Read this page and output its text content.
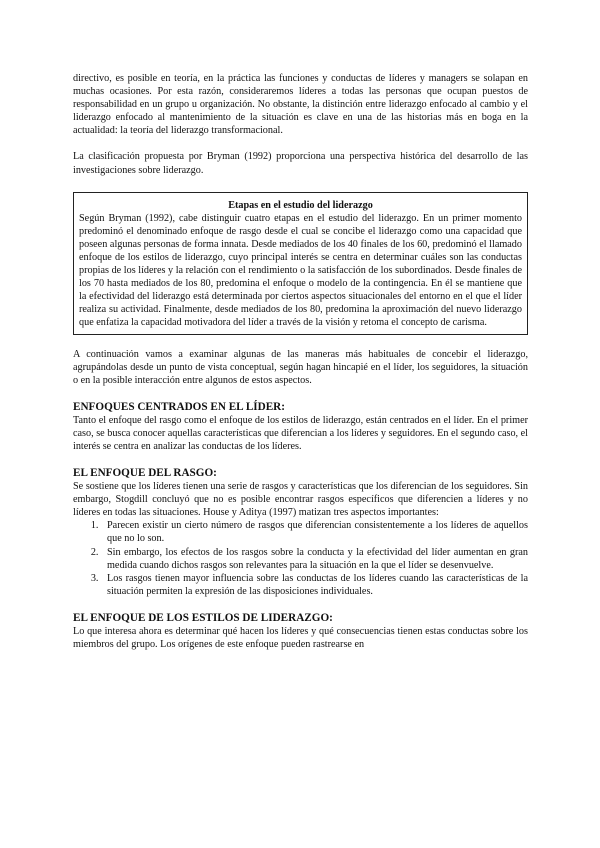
directivo, es posible en teoría, en la práctica las funciones y conductas de líderes y managers se solapan en muchas ocasiones. Por esta razón, consideraremos líderes a todas las personas que ocupan puestos de responsabilidad en un grupo u organización. No obstante, la distinción entre liderazgo enfocado al cambio y el liderazgo enfocado al mantenimiento de la situación es clave en una de las historias más en boga en la actualidad: la teoría del liderazgo transformacional.

La clasificación propuesta por Bryman (1992) proporciona una perspectiva histórica del desarrollo de las investigaciones sobre liderazgo.

Etapas en el estudio del liderazgo

Según Bryman (1992), cabe distinguir cuatro etapas en el estudio del liderazgo. En un primer momento predominó el denominado enfoque de rasgo desde el cual se concibe el liderazgo como una capacidad que poseen algunas personas de forma innata. Desde mediados de los 40 finales de los 60, predominó el llamado enfoque de los estilos de liderazgo, cuyo principal interés se centra en determinar cuáles son las conductas propias de los líderes y la relación con el rendimiento o la satisfacción de los subordinados. Desde finales de los 70 hasta mediados de los 80, predomina el enfoque o modelo de la contingencia. En él se mantiene que la efectividad del liderazgo está determinada por ciertos aspectos situacionales del entorno en el que el líder realiza su actividad. Finalmente, desde mediados de los 80, predomina la aproximación del nuevo liderazgo que enfatiza la capacidad motivadora del líder a través de la visión y retoma el concepto de carisma.

A continuación vamos a examinar algunas de las maneras más habituales de concebir el liderazgo, agrupándolas desde un punto de vista conceptual, según hagan hincapié en el líder, los seguidores, la situación o en la posible interacción entre algunos de estos aspectos.

ENFOQUES CENTRADOS EN EL LÍDER:

Tanto el enfoque del rasgo como el enfoque de los estilos de liderazgo, están centrados en el líder. En el primer caso, se busca conocer aquellas características que diferencian a los líderes y seguidores. En el segundo caso, el interés se centra en analizar las conductas de los líderes.

EL ENFOQUE DEL RASGO:

Se sostiene que los líderes tienen una serie de rasgos y características que los diferencian de los seguidores. Sin embargo, Stogdill concluyó que no es posible encontrar rasgos específicos que diferencien a líderes y no líderes en todas las situaciones. House y Aditya (1997) matizan tres aspectos importantes:

1. Parecen existir un cierto número de rasgos que diferencian consistentemente a los líderes de aquellos que no lo son.
2. Sin embargo, los efectos de los rasgos sobre la conducta y la efectividad del líder aumentan en gran medida cuando dichos rasgos son relevantes para la situación en la que el líder se desenvuelve.
3. Los rasgos tienen mayor influencia sobre las conductas de los líderes cuando las características de la situación permiten la expresión de las disposiciones individuales.
EL ENFOQUE DE LOS ESTILOS DE LIDERAZGO:

Lo que interesa ahora es determinar qué hacen los líderes y qué consecuencias tienen estas conductas sobre los miembros del grupo. Los orígenes de este enfoque pueden rastrearse en
